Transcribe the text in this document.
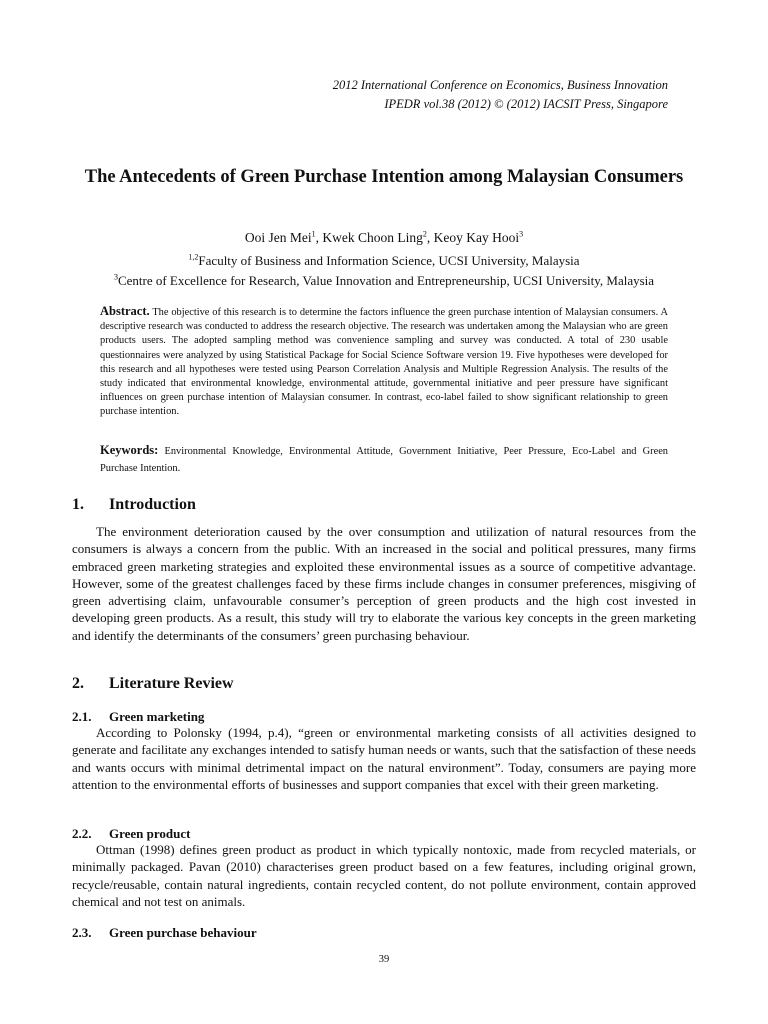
2012 International Conference on Economics, Business Innovation
IPEDR vol.38 (2012) © (2012) IACSIT Press, Singapore
The Antecedents of Green Purchase Intention among Malaysian Consumers
Ooi Jen Mei$^1$, Kwek Choon Ling$^2$, Keoy Kay Hooi$^3$
$^{1,2}$Faculty of Business and Information Science, UCSI University, Malaysia
$^3$Centre of Excellence for Research, Value Innovation and Entrepreneurship, UCSI University, Malaysia
Abstract. The objective of this research is to determine the factors influence the green purchase intention of Malaysian consumers. A descriptive research was conducted to address the research objective. The research was undertaken among the Malaysian who are green products users. The adopted sampling method was convenience sampling and survey was conducted. A total of 230 usable questionnaires were analyzed by using Statistical Package for Social Science Software version 19. Five hypotheses were developed for this research and all hypotheses were tested using Pearson Correlation Analysis and Multiple Regression Analysis. The results of the study indicated that environmental knowledge, environmental attitude, governmental initiative and peer pressure have significant influences on green purchase intention of Malaysian consumer. In contrast, eco-label failed to show significant relationship to green purchase intention.
Keywords: Environmental Knowledge, Environmental Attitude, Government Initiative, Peer Pressure, Eco-Label and Green Purchase Intention.
1. Introduction
The environment deterioration caused by the over consumption and utilization of natural resources from the consumers is always a concern from the public. With an increased in the social and political pressures, many firms embraced green marketing strategies and exploited these environmental issues as a source of competitive advantage. However, some of the greatest challenges faced by these firms include changes in consumer preferences, misgiving of green advertising claim, unfavourable consumer’s perception of green products and the high cost invested in developing green products. As a result, this study will try to elaborate the various key concepts in the green marketing and identify the determinants of the consumers’ green purchasing behaviour.
2. Literature Review
2.1. Green marketing
According to Polonsky (1994, p.4), “green or environmental marketing consists of all activities designed to generate and facilitate any exchanges intended to satisfy human needs or wants, such that the satisfaction of these needs and wants occurs with minimal detrimental impact on the natural environment”. Today, consumers are paying more attention to the environmental efforts of businesses and support companies that excel with their green marketing.
2.2. Green product
Ottman (1998) defines green product as product in which typically nontoxic, made from recycled materials, or minimally packaged. Pavan (2010) characterises green product based on a few features, including original grown, recycle/reusable, contain natural ingredients, contain recycled content, do not pollute environment, contain approved chemical and not test on animals.
2.3. Green purchase behaviour
39
